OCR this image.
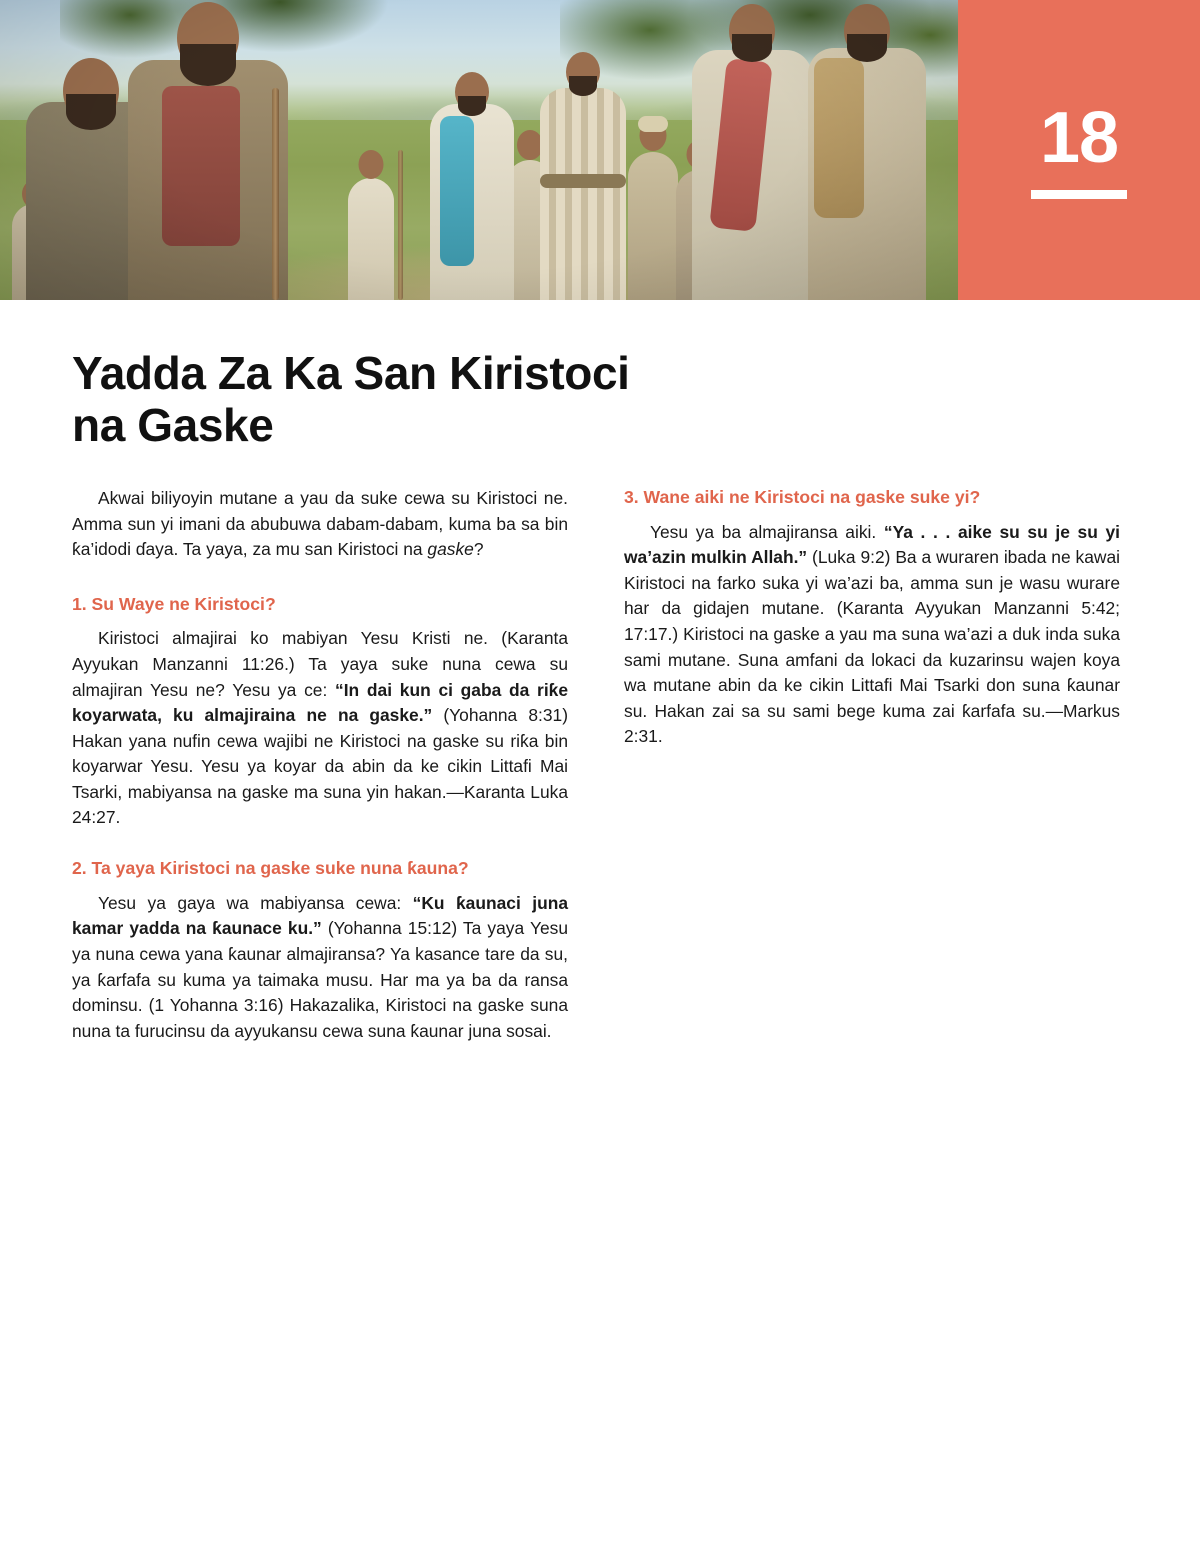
18
Yadda Za Ka San Kiristoci na Gaske

Akwai biliyoyin mutane a yau da suke cewa su Kiristoci ne. Amma sun yi imani da abubuwa dabam-dabam, kuma ba sa bin ƙa’idodi ɗaya. Ta yaya, za mu san Kiristoci na gaske?

1. Su Waye ne Kiristoci?

Kiristoci almajirai ko mabiyan Yesu Kristi ne. (Karanta Ayyukan Manzanni 11:26.) Ta yaya suke nuna cewa su almajiran Yesu ne? Yesu ya ce: “In dai kun ci gaba da riƙe koyarwata, ku almajiraina ne na gaske.” (Yohanna 8:31) Hakan yana nufin cewa wajibi ne Kiristoci na gaske su riƙa bin koyarwar Yesu. Yesu ya koyar da abin da ke cikin Littafi Mai Tsarki, mabiyansa na gaske ma suna yin hakan.—Karanta Luka 24:27.

2. Ta yaya Kiristoci na gaske suke nuna ƙauna?

Yesu ya gaya wa mabiyansa cewa: “Ku ƙaunaci juna kamar yadda na ƙaunace ku.” (Yohanna 15:12) Ta yaya Yesu ya nuna cewa yana ƙaunar almajiransa? Ya kasance tare da su, ya ƙarfafa su kuma ya taimaka musu. Har ma ya ba da ransa dominsu. (1 Yohanna 3:16) Hakazalika, Kiristoci na gaske suna nuna ta furucinsu da ayyukansu cewa suna ƙaunar juna sosai.

3. Wane aiki ne Kiristoci na gaske suke yi?

Yesu ya ba almajiransa aiki. “Ya . . . aike su su je su yi wa’azin mulkin Allah.” (Luka 9:2) Ba a wuraren ibada ne kawai Kiristoci na farko suka yi wa’azi ba, amma sun je wasu wurare har da gidajen mutane. (Karanta Ayyukan Manzanni 5:42; 17:17.) Kiristoci na gaske a yau ma suna wa’azi a duk inda suka sami mutane. Suna amfani da lokaci da kuzarinsu wajen koya wa mutane abin da ke cikin Littafi Mai Tsarki don suna ƙaunar su. Hakan zai sa su sami bege kuma zai ƙarfafa su.—Markus 2:31.
